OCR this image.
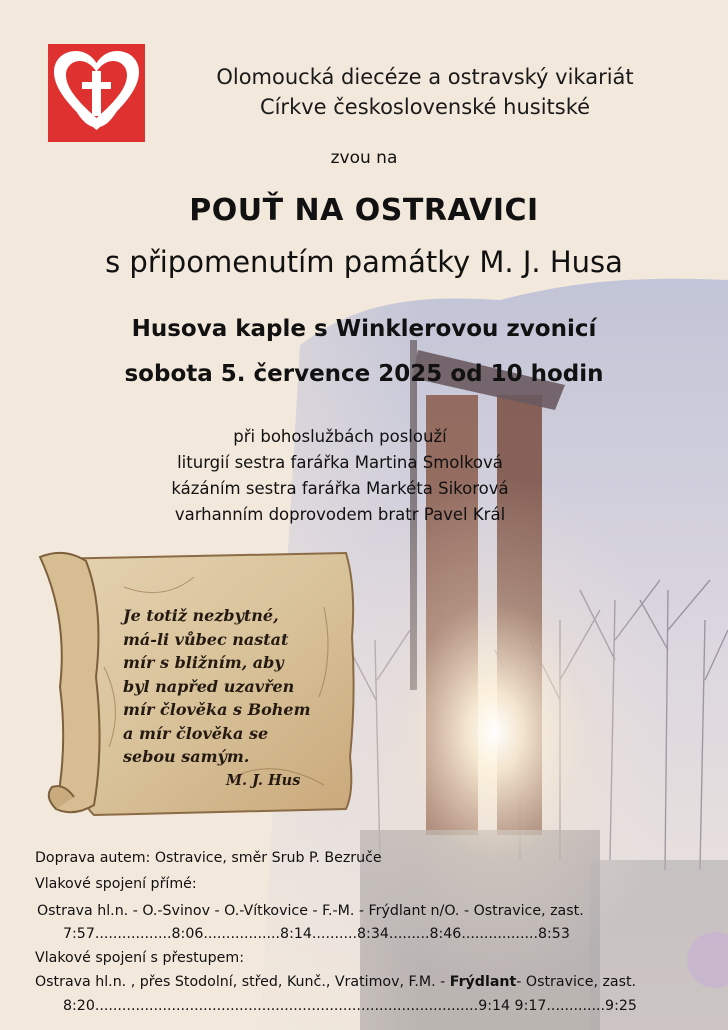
Olomoucká diecéze a ostravský vikariát
Církve československé husitské
zvou na
POUŤ NA OSTRAVICI
s připomenutím památky M. J. Husa
Husova kaple s Winklerovou zvonicí
sobota 5. července 2025 od 10 hodin
při bohoslužbách poslouží
liturgií sestra farářka Martina Smolková
kázáním sestra farářka Markéta Sikorová
varhanním doprovodem bratr Pavel Král
Je totiž nezbytné,
má-li vůbec nastat
mír s bližním, aby
byl napřed uzavřen
mír člověka s Bohem
a mír člověka se
sebou samým.
M. J. Hus
Doprava autem: Ostravice, směr Srub P. Bezruče
Vlakové spojení přímé:
Ostrava hl.n. - O.-Svinov - O.-Vítkovice - F.-M. - Frýdlant n/O. - Ostravice, zast.
7:57.................8:06.................8:14..........8:34.........8:46.................8:53
Vlakové spojení s přestupem:
Ostrava hl.n. , přes Stodolní, střed, Kunč., Vratimov, F.M. - Frýdlant- Ostravice, zast.
8:20.....................................................................................9:14 9:17.............9:25
